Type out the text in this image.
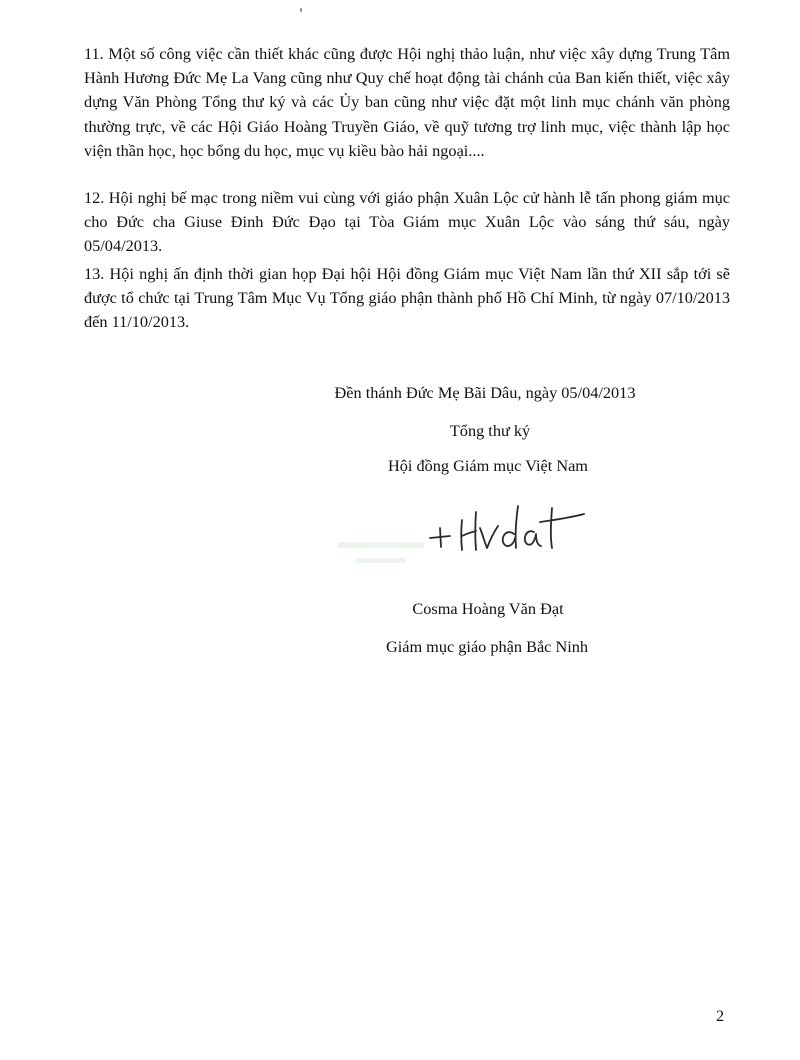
11. Một số công việc cần thiết khác cũng được Hội nghị thảo luận, như việc xây dựng Trung Tâm Hành Hương Đức Mẹ La Vang cũng như Quy chế hoạt động tài chánh của Ban kiến thiết, việc xây dựng Văn Phòng Tổng thư ký và các Ủy ban cũng như việc đặt một linh mục chánh văn phòng thường trực, về các Hội Giáo Hoàng Truyền Giáo, về quỹ tương trợ linh mục, việc thành lập học viện thần học, học bổng du học, mục vụ kiều bào hải ngoại....

12. Hội nghị bế mạc trong niềm vui cùng với giáo phận Xuân Lộc cử hành lễ tấn phong giám mục cho Đức cha Giuse Đinh Đức Đạo tại Tòa Giám mục Xuân Lộc vào sáng thứ sáu, ngày 05/04/2013.

13. Hội nghị ấn định thời gian họp Đại hội Hội đồng Giám mục Việt Nam lần thứ XII sắp tới sẽ được tổ chức tại Trung Tâm Mục Vụ Tổng giáo phận thành phố Hồ Chí Minh, từ ngày 07/10/2013 đến 11/10/2013.

Đền thánh Đức Mẹ Bãi Dâu, ngày 05/04/2013
Tổng thư ký
Hội đồng Giám mục Việt Nam
Cosma Hoàng Văn Đạt
Giám mục giáo phận Bắc Ninh
2
